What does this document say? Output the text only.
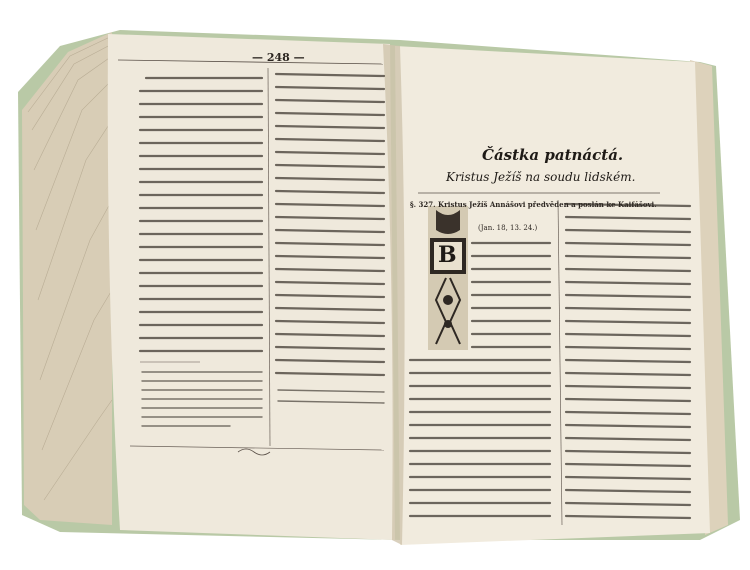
— 248 —
Částka patnáctá.
Kristus Ježíš na soudu lidském.
§. 327. Kristus Ježíš Annášovi předvěden a poslán ke Kaifášovi.
(Jan. 18, 13. 24.)
B
